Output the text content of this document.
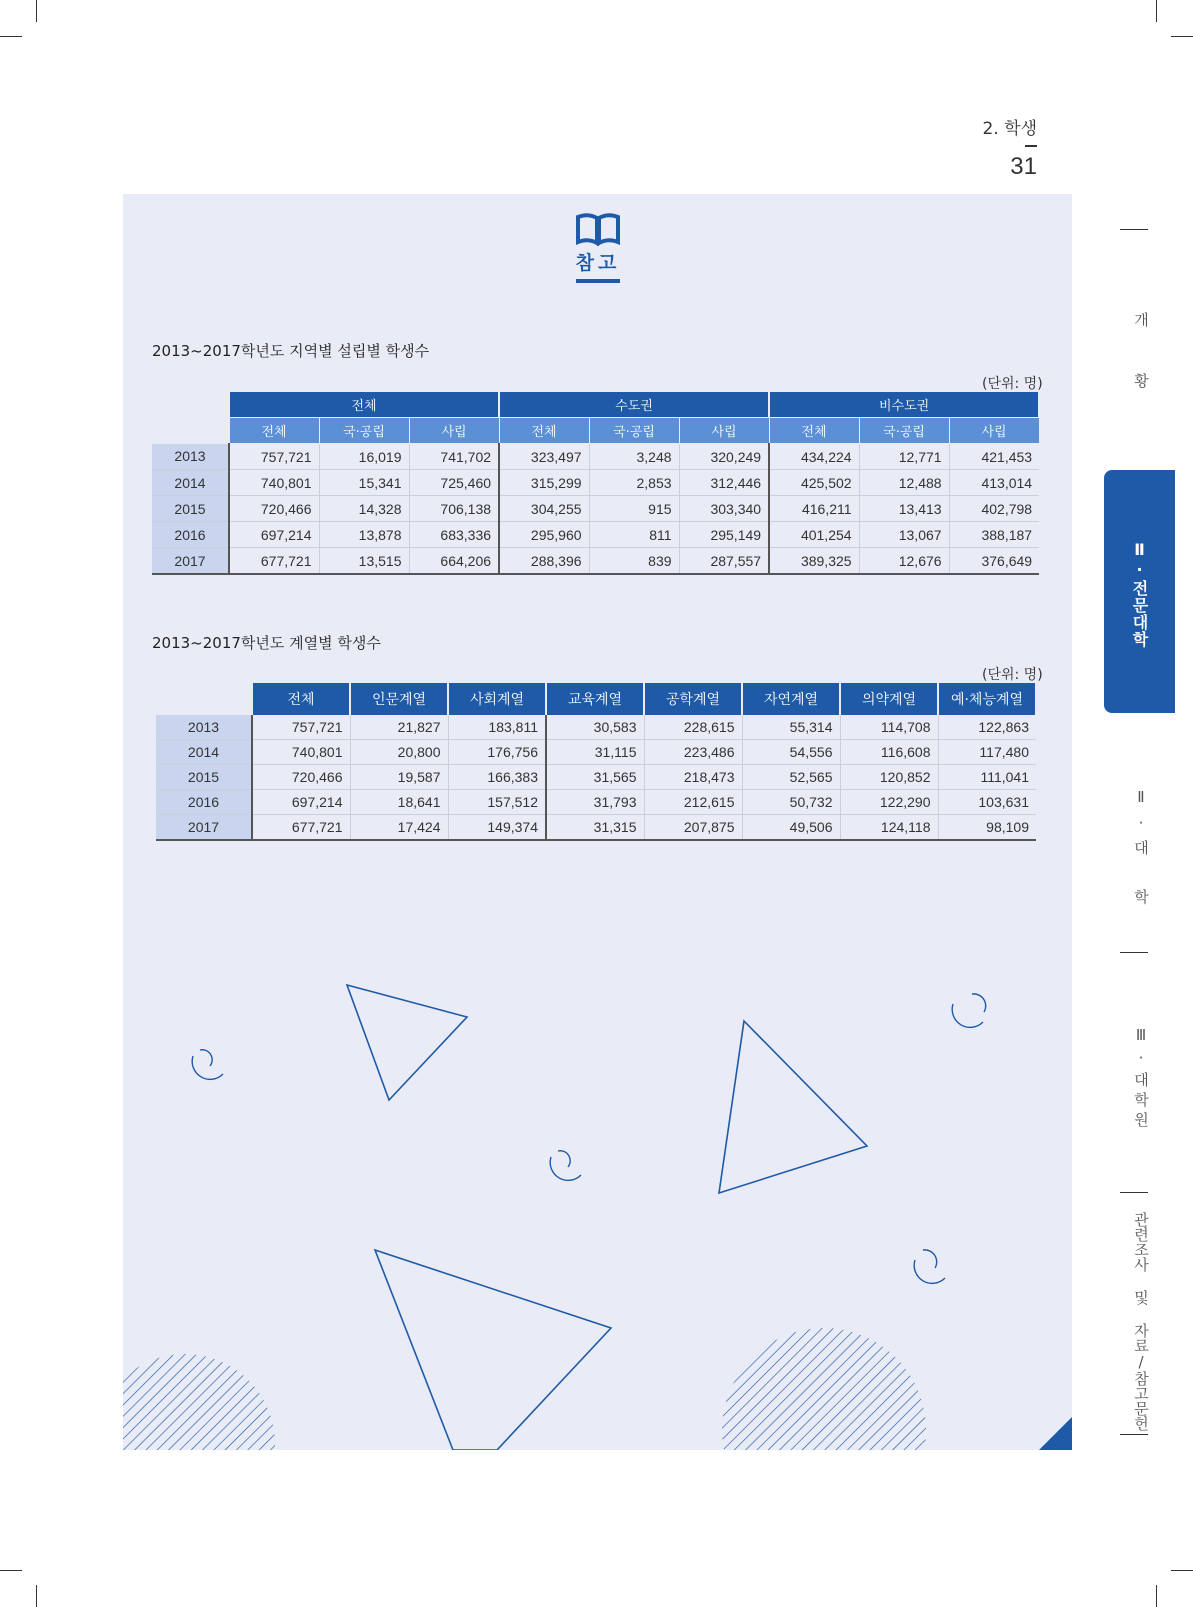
2. 학생
31
참고
2013~2017학년도 지역별 설립별 학생수
(단위: 명)
	전체			수도권			비수도권		
	전체	국·공립	사립	전체	국·공립	사립	전체	국·공립	사립
2013	757,721	16,019	741,702	323,497	3,248	320,249	434,224	12,771	421,453
2014	740,801	15,341	725,460	315,299	2,853	312,446	425,502	12,488	413,014
2015	720,466	14,328	706,138	304,255	915	303,340	416,211	13,413	402,798
2016	697,214	13,878	683,336	295,960	811	295,149	401,254	13,067	388,187
2017	677,721	13,515	664,206	288,396	839	287,557	389,325	12,676	376,649
2013~2017학년도 계열별 학생수
(단위: 명)
	전체	인문계열	사회계열	교육계열	공학계열	자연계열	의약계열	예·체능계열
2013	757,721	21,827	183,811	30,583	228,615	55,314	114,708	122,863
2014	740,801	20,800	176,756	31,115	223,486	54,556	116,608	117,480
2015	720,466	19,587	166,383	31,565	218,473	52,565	120,852	111,041
2016	697,214	18,641	157,512	31,793	212,615	50,732	122,290	103,631
2017	677,721	17,424	149,374	31,315	207,875	49,506	124,118	98,109
개 황
Ⅱ·전문대학
Ⅱ·대 학
Ⅲ·대학원
관련조사 및 자료/참고문헌
